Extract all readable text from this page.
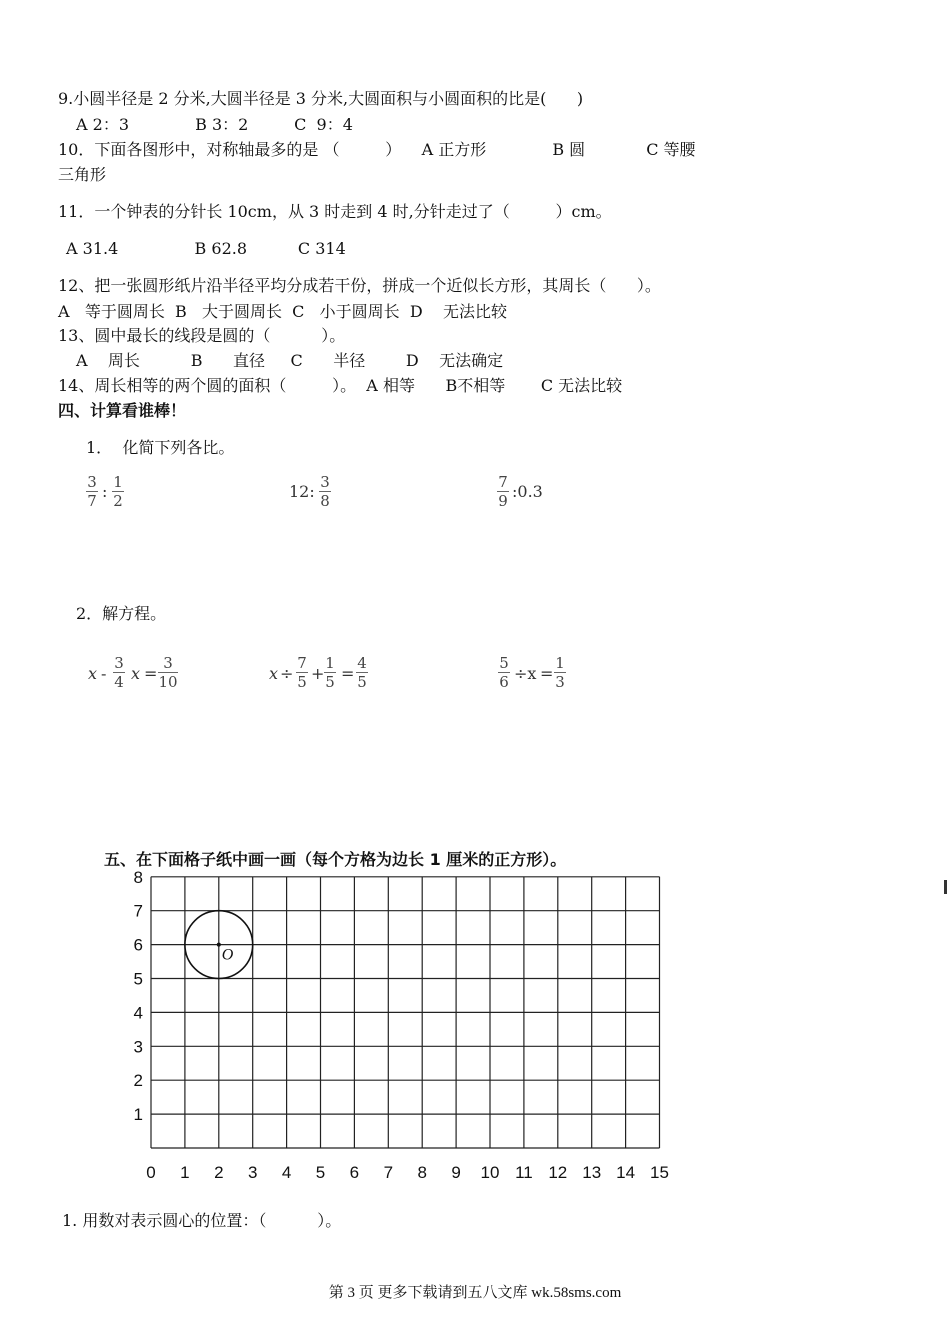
9.小圆半径是 2 分米,大圆半径是 3 分米,大圆面积与小圆面积的比是(      )
A 2：3             B 3：2         C  9：4
10．下面各图形中，对称轴最多的是 （         ）    A 正方形             B 圆            C 等腰
三角形
11．一个钟表的分针长 10cm，从 3 时走到 4 时,分针走过了（         ）cm。
A 31.4               B 62.8          C 314
12、把一张圆形纸片沿半径平均分成若干份，拼成一个近似长方形，其周长（      ）。
A   等于圆周长  B   大于圆周长  C   小于圆周长  D    无法比较
13、圆中最长的线段是圆的（          ）。
A    周长          B      直径     C      半径        D    无法确定
14、周长相等的两个圆的面积（         ）。  A 相等      B不相等       C 无法比较
四、计算看谁棒！
1．  化简下列各比。
3
7 : 1
2	12: 3
8
7
9 :0.3
2．解方程。
x -
3
4 x =
3
10	x ÷
7
5 +
1
5 =
4
5
5
6 ÷x =
1
3
五、在下面格子纸中画一画（每个方格为边长 1 厘米的正方形）。
0 1 2 3 4 5 6 7 8 9 10 11 12 13 14 15
1
2
3
4
5
6
7
8
O
1. 用数对表示圆心的位置：（          ）。
第 3 页 更多下载请到五八文库 wk.58sms.com
